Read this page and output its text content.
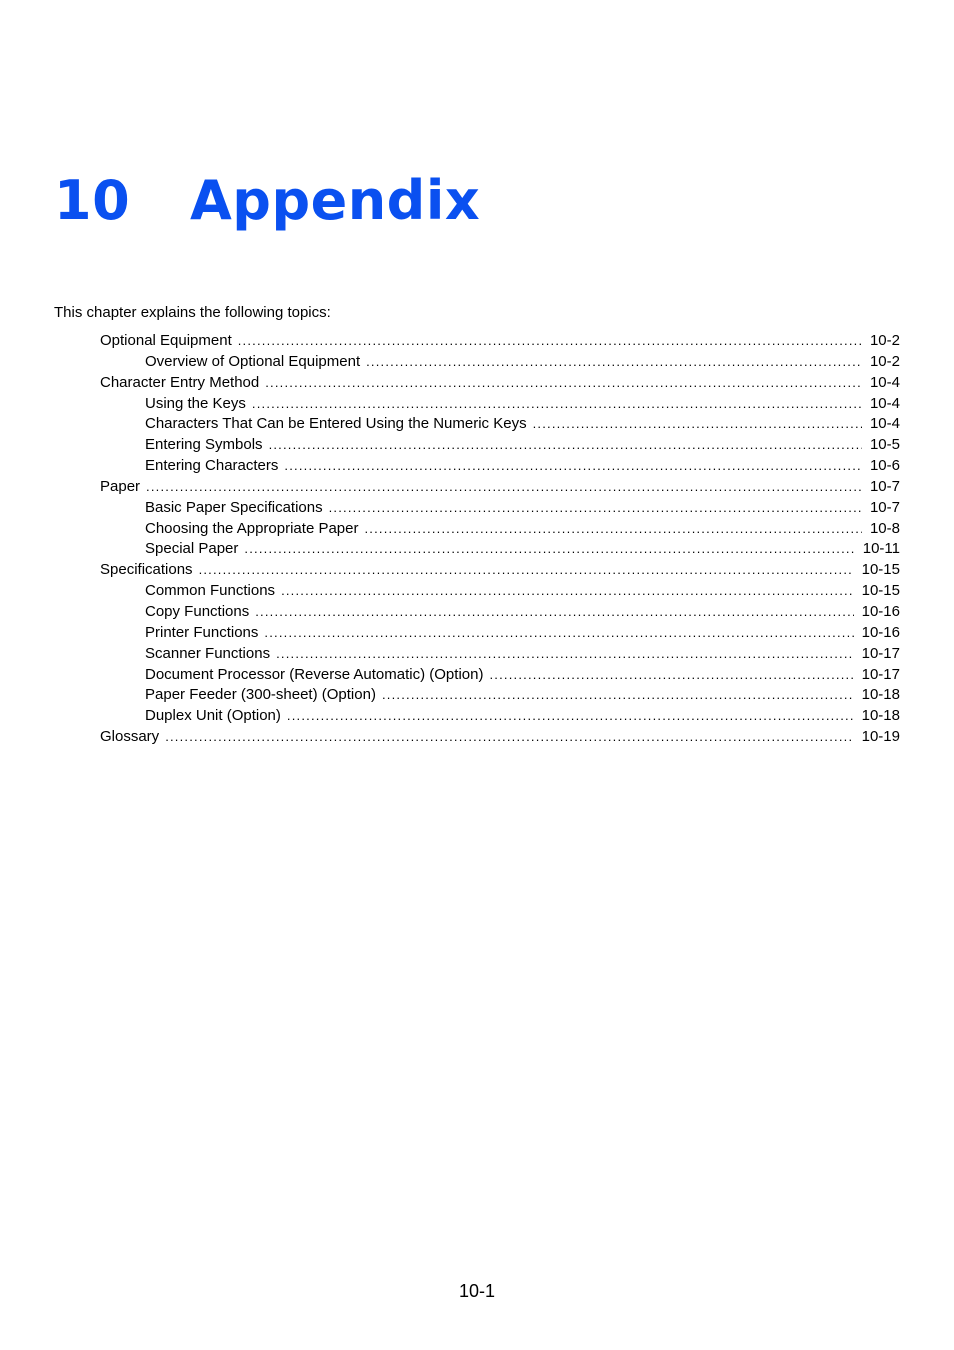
10 Appendix

This chapter explains the following topics:

Optional Equipment .....	10-2
Overview of Optional Equipment .....	10-2
Character Entry Method .....	10-4
Using the Keys .....	10-4
Characters That Can be Entered Using the Numeric Keys .....	10-4
Entering Symbols .....	10-5
Entering Characters .....	10-6
Paper .....	10-7
Basic Paper Specifications .....	10-7
Choosing the Appropriate Paper .....	10-8
Special Paper .....	10-11
Specifications .....	10-15
Common Functions .....	10-15
Copy Functions .....	10-16
Printer Functions .....	10-16
Scanner Functions .....	10-17
Document Processor (Reverse Automatic) (Option) .....	10-17
Paper Feeder (300-sheet) (Option) .....	10-18
Duplex Unit (Option) .....	10-18
Glossary .....	10-19

10-1
